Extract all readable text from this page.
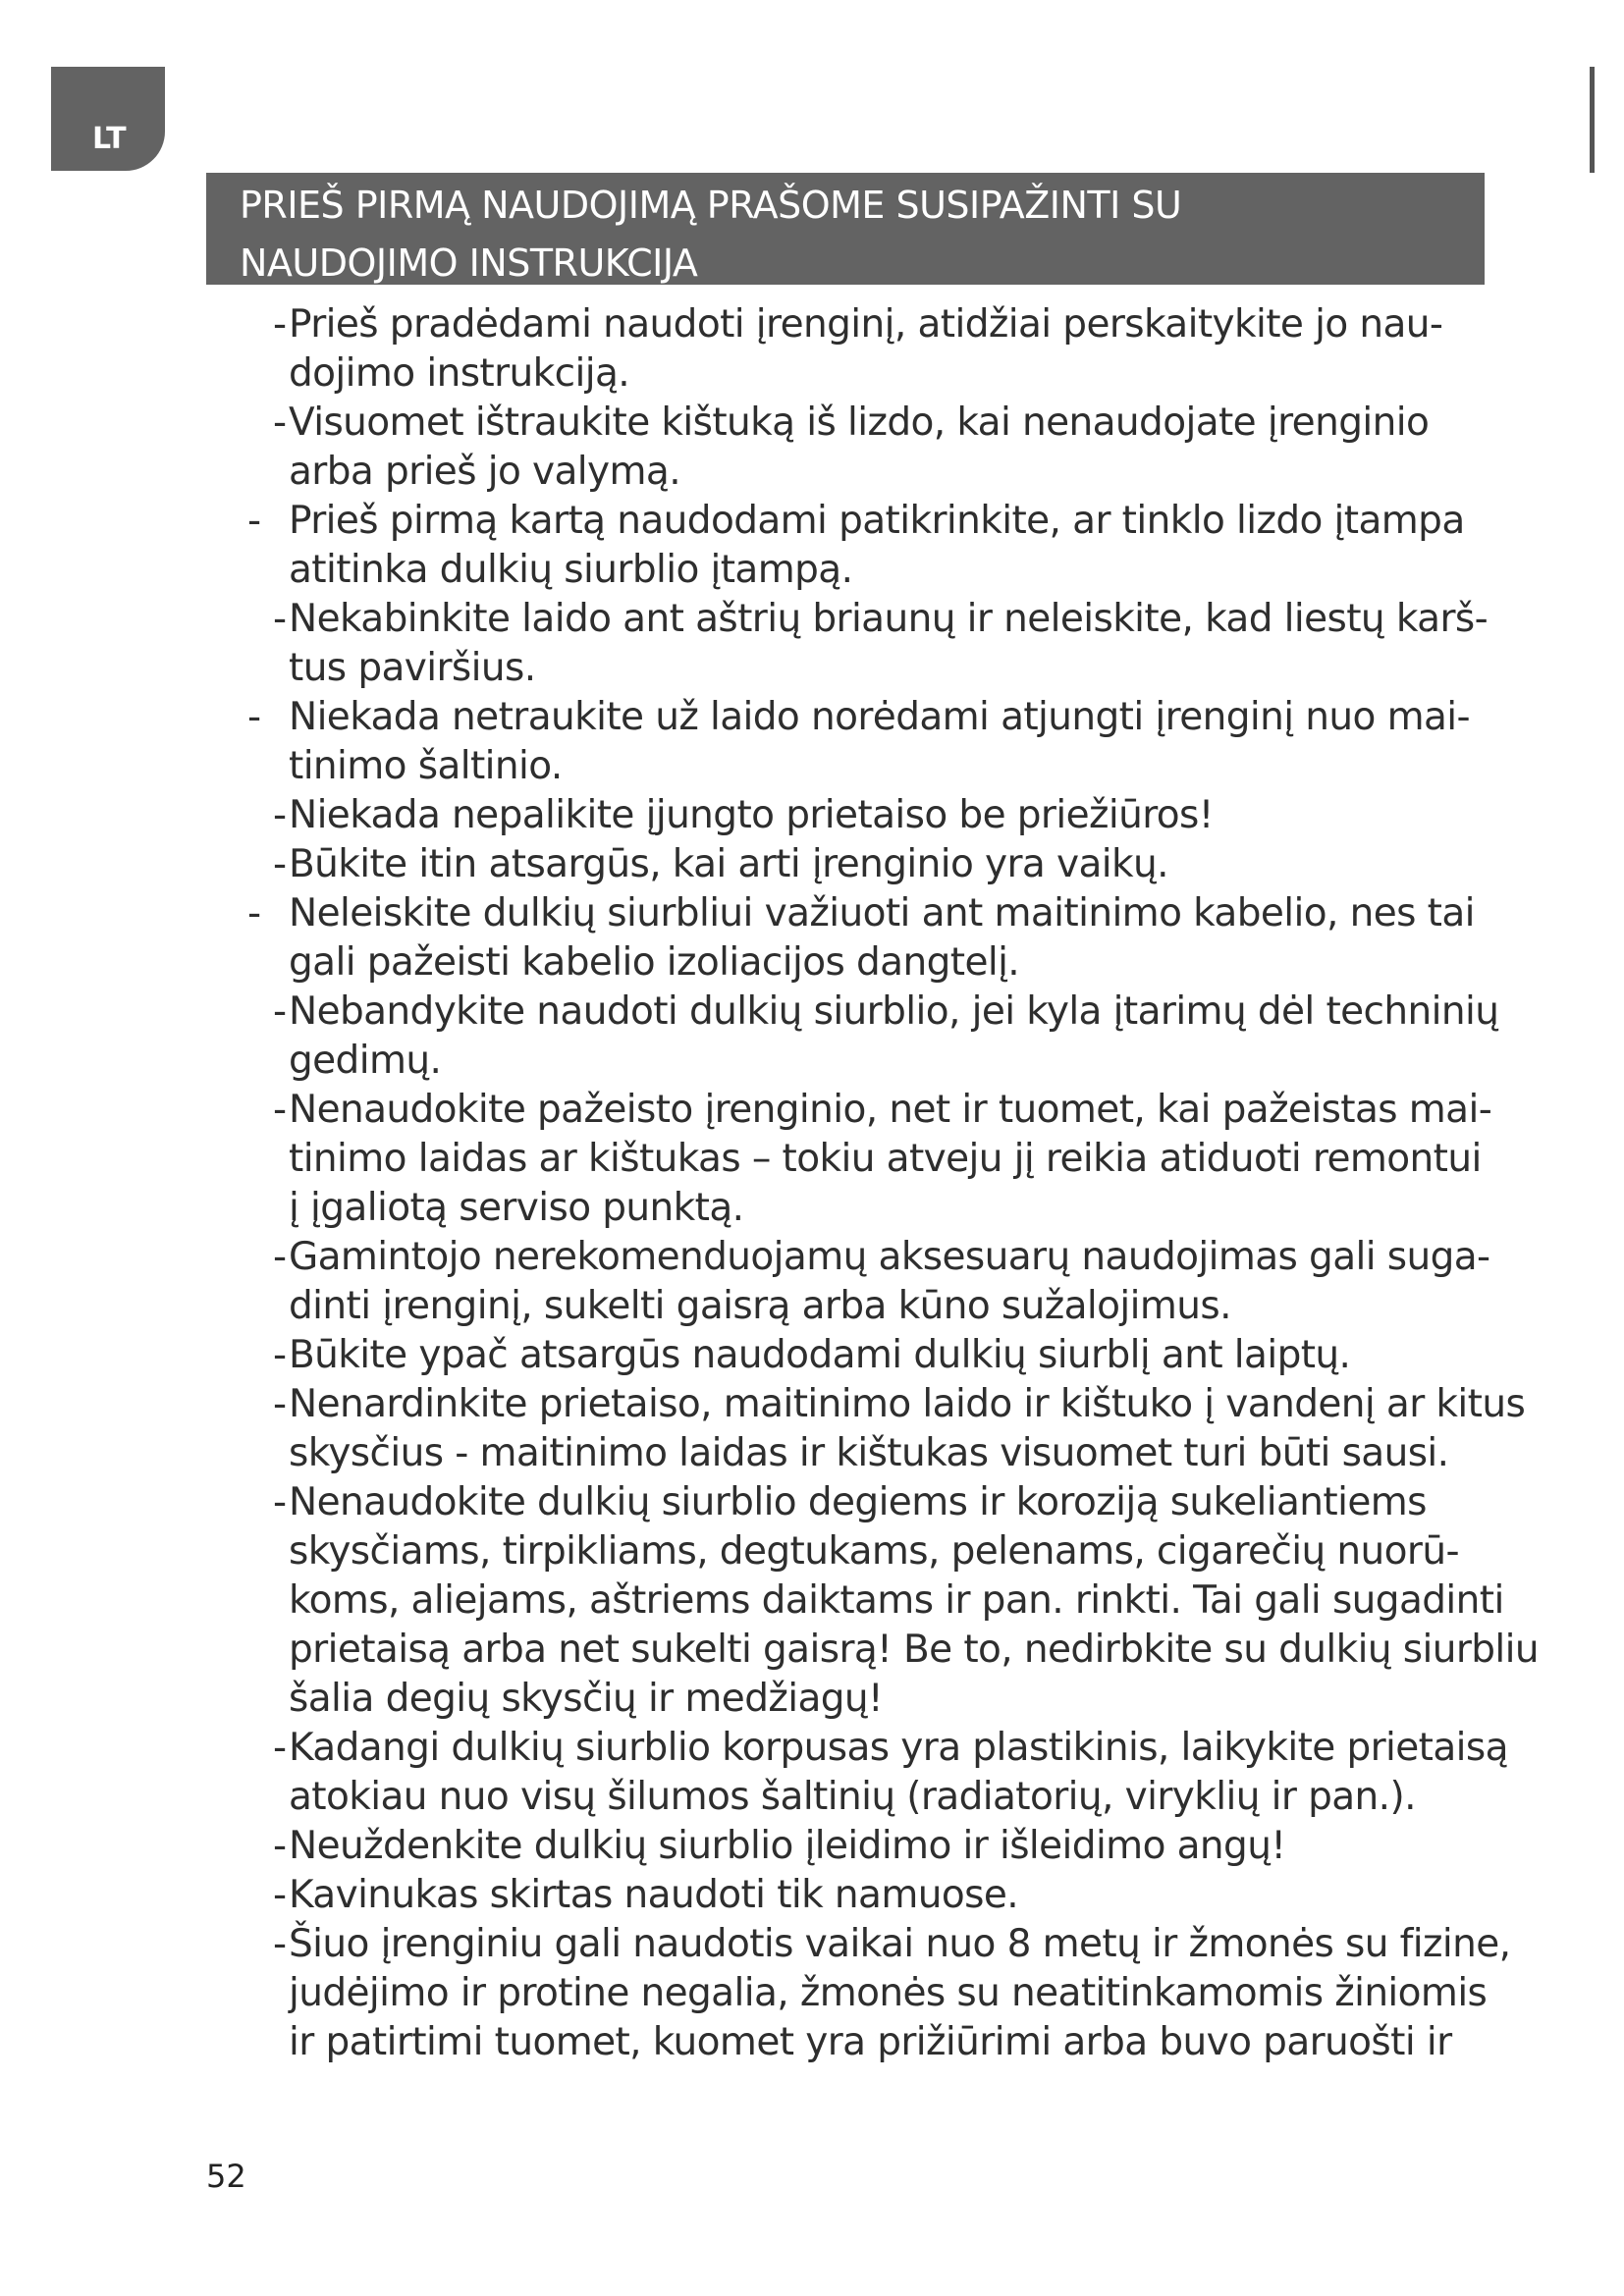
LT
PRIEŠ PIRMĄ NAUDOJIMĄ PRAŠOME SUSIPAŽINTI SU
NAUDOJIMO INSTRUKCIJA
- Prieš pradėdami naudoti įrenginį, atidžiai perskaitykite jo nau-
dojimo instrukciją.
- Visuomet ištraukite kištuką iš lizdo, kai nenaudojate įrenginio
arba prieš jo valymą.
- Prieš pirmą kartą naudodami patikrinkite, ar tinklo lizdo įtampa
atitinka dulkių siurblio įtampą.
- Nekabinkite laido ant aštrių briaunų ir neleiskite, kad liestų karš-
tus paviršius.
- Niekada netraukite už laido norėdami atjungti įrenginį nuo mai-
tinimo šaltinio.
- Niekada nepalikite įjungto prietaiso be priežiūros!
- Būkite itin atsargūs, kai arti įrenginio yra vaikų.
- Neleiskite dulkių siurbliui važiuoti ant maitinimo kabelio, nes tai
gali pažeisti kabelio izoliacijos dangtelį.
- Nebandykite naudoti dulkių siurblio, jei kyla įtarimų dėl techninių
gedimų.
- Nenaudokite pažeisto įrenginio, net ir tuomet, kai pažeistas mai-
tinimo laidas ar kištukas – tokiu atveju jį reikia atiduoti remontui
į įgaliotą serviso punktą.
- Gamintojo nerekomenduojamų aksesuarų naudojimas gali suga-
dinti įrenginį, sukelti gaisrą arba kūno sužalojimus.
- Būkite ypač atsargūs naudodami dulkių siurblį ant laiptų.
- Nenardinkite prietaiso, maitinimo laido ir kištuko į vandenį ar kitus
skysčius - maitinimo laidas ir kištukas visuomet turi būti sausi.
- Nenaudokite dulkių siurblio degiems ir koroziją sukeliantiems
skysčiams, tirpikliams, degtukams, pelenams, cigarečių nuorū-
koms, aliejams, aštriems daiktams ir pan. rinkti. Tai gali sugadinti
prietaisą arba net sukelti gaisrą! Be to, nedirbkite su dulkių siurbliu
šalia degių skysčių ir medžiagų!
- Kadangi dulkių siurblio korpusas yra plastikinis, laikykite prietaisą
atokiau nuo visų šilumos šaltinių (radiatorių, viryklių ir pan.).
- Neuždenkite dulkių siurblio įleidimo ir išleidimo angų!
- Kavinukas skirtas naudoti tik namuose.
- Šiuo įrenginiu gali naudotis vaikai nuo 8 metų ir žmonės su fizine,
judėjimo ir protine negalia, žmonės su neatitinkamomis žiniomis
ir patirtimi tuomet, kuomet yra prižiūrimi arba buvo paruošti ir
52
